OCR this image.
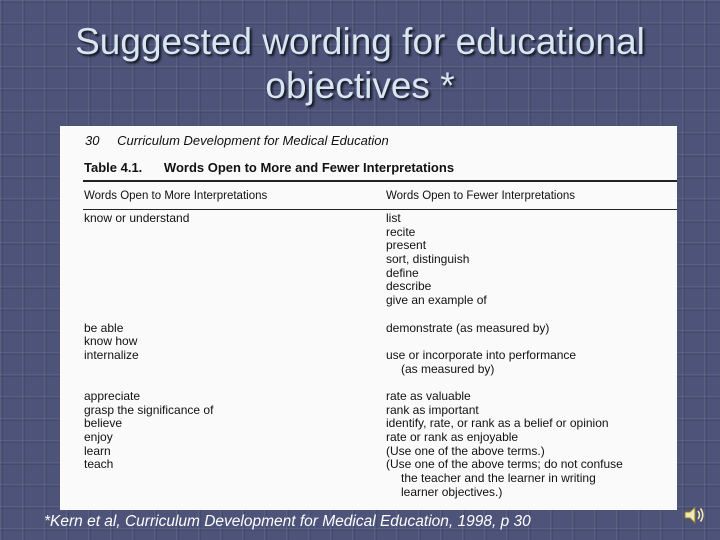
Suggested wording for educational
objectives *
30 Curriculum Development for Medical Education
Table 4.1. Words Open to More and Fewer Interpretations
Words Open to More Interpretations	Words Open to Fewer Interpretations
know or understand
be able
know how
internalize
appreciate
grasp the significance of
believe
enjoy
learn
teach
list
recite
present
sort, distinguish
define
describe
give an example of
demonstrate (as measured by)
use or incorporate into performance
(as measured by)
rate as valuable
rank as important
identify, rate, or rank as a belief or opinion
rate or rank as enjoyable
(Use one of the above terms.)
(Use one of the above terms; do not confuse
the teacher and the learner in writing
learner objectives.)
*Kern et al, Curriculum Development for Medical Education, 1998, p 30
